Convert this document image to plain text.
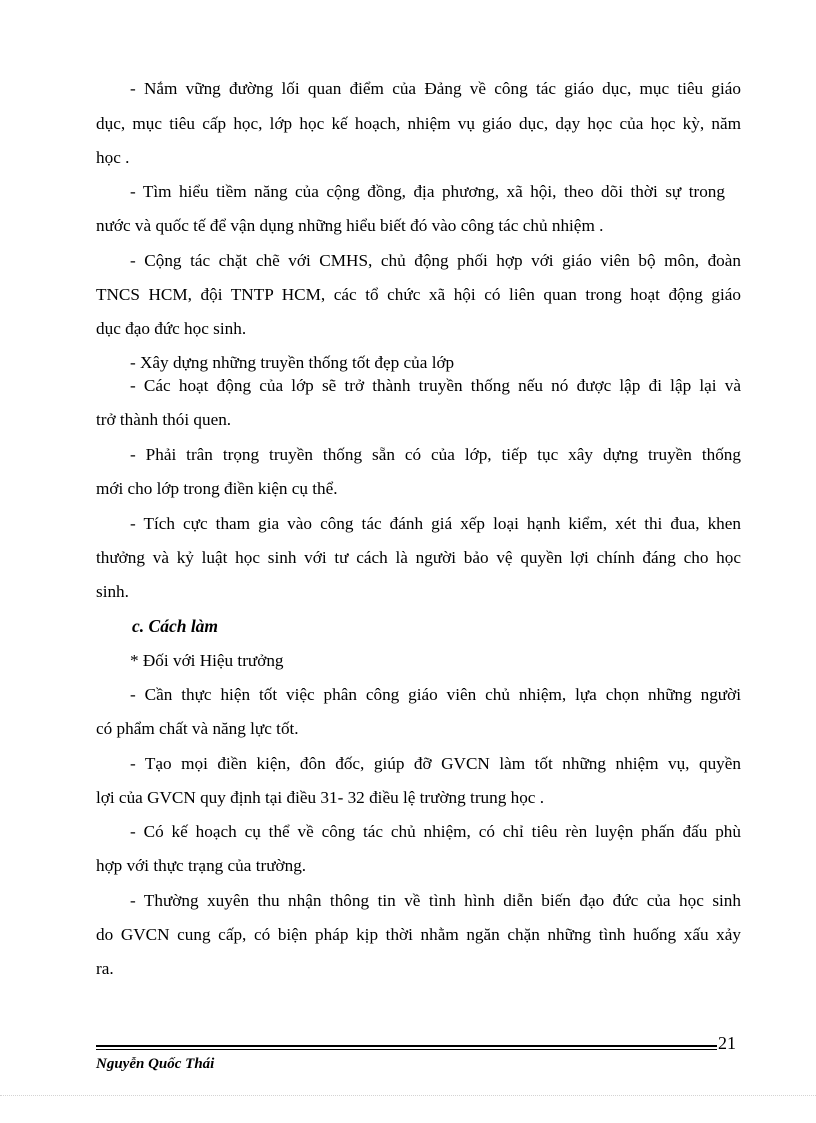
- Nắm vững đường lối quan điểm của Đảng về công tác giáo dục, mục tiêu giáo

dục, mục tiêu cấp học, lớp học kế hoạch, nhiệm vụ giáo dục, dạy học của học kỳ, năm

học .

- Tìm hiểu tiềm năng của cộng đồng, địa phương, xã hội, theo dõi thời sự trong

nước và quốc tế để vận dụng những hiểu biết đó vào công tác chủ nhiệm .

- Cộng tác chặt chẽ với CMHS, chủ động phối hợp với giáo viên bộ môn, đoàn

TNCS HCM, đội TNTP HCM, các tổ chức xã hội có liên quan trong hoạt động giáo

dục đạo đức học sinh.

- Xây dựng những truyền thống tốt đẹp của lớp

- Các hoạt động của lớp sẽ trở thành truyền thống nếu nó được lập đi lập lại và

trở thành thói quen.

- Phải trân trọng truyền thống sẵn có của lớp, tiếp tục xây dựng truyền thống

mới cho lớp trong điền kiện cụ thể.

- Tích cực tham gia vào công tác đánh giá xếp loại hạnh kiểm, xét thi đua, khen

thưởng và kỷ luật học sinh với tư cách là người bảo vệ quyền lợi chính đáng cho học

sinh.

c. Cách làm

* Đối với Hiệu trưởng

- Cần thực hiện tốt việc phân công giáo viên chủ nhiệm, lựa chọn những người

có phẩm chất và năng lực tốt.

- Tạo mọi điền kiện, đôn đốc, giúp đỡ GVCN làm tốt những nhiệm vụ, quyền

lợi của GVCN quy định tại điều 31- 32 điều lệ trường trung học .

- Có kế hoạch cụ thể về công tác chủ nhiệm, có chỉ tiêu rèn luyện phấn đấu phù

hợp với thực trạng của trường.

- Thường xuyên thu nhận thông tin về tình hình diễn biến đạo đức của học sinh

do GVCN cung cấp, có biện pháp kịp thời nhằm ngăn chặn những tình huống xấu xảy

ra.

21
Nguyễn Quốc Thái
